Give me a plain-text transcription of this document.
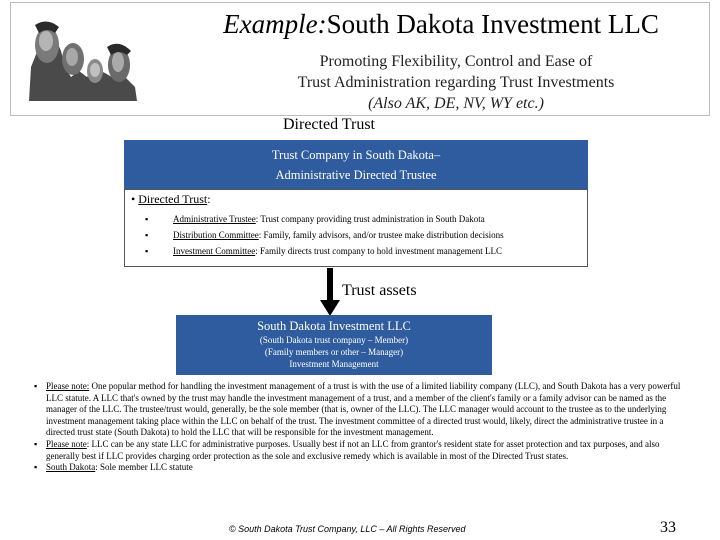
Example:South Dakota Investment LLC
Promoting Flexibility, Control and Ease of
Trust Administration regarding Trust Investments
(Also AK, DE, NV, WY etc.)
Directed Trust
Trust Company in South Dakota–
Administrative Directed Trustee
• Directed Trust:
▪	Administrative Trustee: Trust company providing trust administration in South Dakota
▪	Distribution Committee: Family, family advisors, and/or trustee make distribution decisions
▪	Investment Committee: Family directs trust company to hold investment management LLC
Trust assets
South Dakota Investment LLC
(South Dakota trust company – Member)
(Family members or other – Manager)
Investment Management

▪ Please note: One popular method for handling the investment management of a trust is with the use of a limited liability company (LLC), and South Dakota has a very powerful LLC statute. A LLC that's owned by the trust may handle the investment management of a trust, and a member of the client's family or a family advisor can be named as the manager of the LLC. The trustee/trust would, generally, be the sole member (that is, owner of the LLC). The LLC manager would account to the trustee as to the underlying investment management taking place within the LLC on behalf of the trust. The investment committee of a directed trust would, likely, direct the administrative trustee in a directed trust state (South Dakota) to hold the LLC that will be responsible for the investment management.

▪ Please note: LLC can be any state LLC for administrative purposes. Usually best if not an LLC from grantor's resident state for asset protection and tax purposes, and also generally best if LLC provides charging order protection as the sole and exclusive remedy which is available in most of the Directed Trust states.

▪ South Dakota: Sole member LLC statute

© South Dakota Trust Company, LLC – All Rights Reserved	33
